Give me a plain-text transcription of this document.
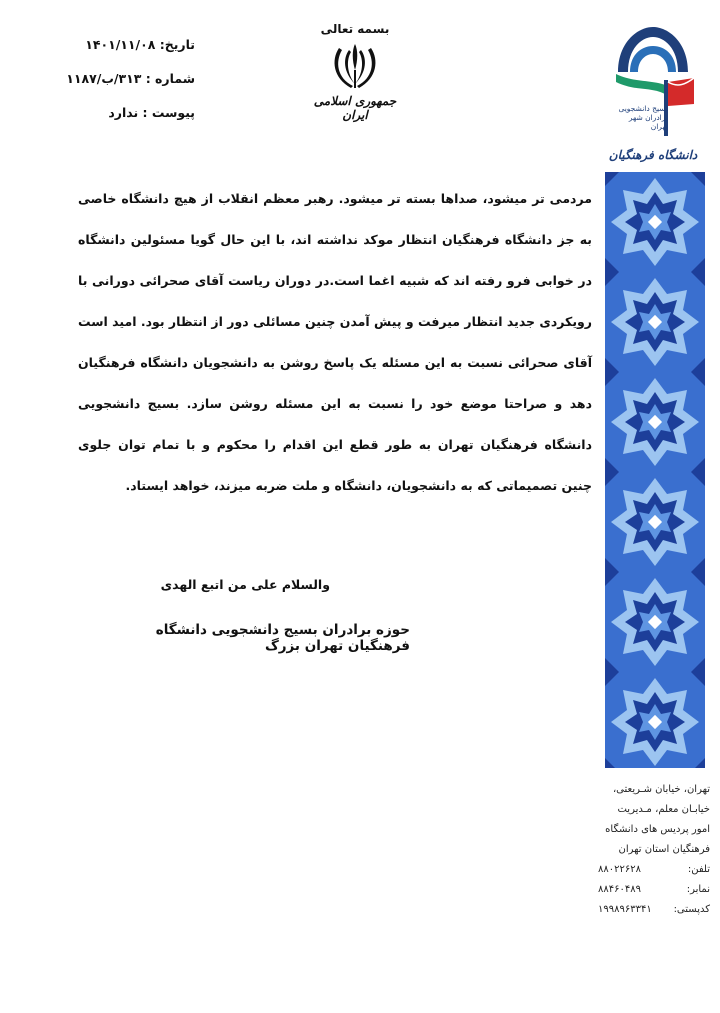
تاریخ: ۱۴۰۱/۱۱/۰۸
شماره : ۳۱۳/ب/۱۱۸۷
پیوست : ندارد
بسمه تعالی
جمهوری اسلامی ایران	بسیج دانشجویی برادران شهر تهران
دانشگاه فرهنگیان
مردمی تر میشود، صداها بسته تر میشود. رهبر معظم انقلاب از هیچ دانشگاه خاصی به جز دانشگاه فرهنگیان انتظار موکد نداشته اند، با این حال گویا مسئولین دانشگاه در خوابی فرو رفته اند که شبیه اغما است.در دوران ریاست آقای صحرائی دورانی با رویکردی جدید انتظار میرفت و پیش آمدن چنین مسائلی دور از انتظار بود. امید است آقای صحرائی نسبت به این مسئله یک پاسخ روشن به دانشجویان دانشگاه فرهنگیان دهد و صراحتا موضع خود را نسبت به این مسئله روشن سازد. بسیج دانشجویی دانشگاه فرهنگیان تهران به طور قطع این اقدام را محکوم و با تمام توان جلوی چنین تصمیماتی که به دانشجویان، دانشگاه و ملت ضربه میزند، خواهد ایستاد.
والسلام علی من اتبع الهدی
حوزه برادران بسیج دانشجویی دانشگاه فرهنگیان تهران بزرگ
تهران، خیابان شـریعتی،
خیابـان معلم، مـدیریت
امور پردیس های دانشگاه
فرهنگیان استان تهران
تلفن:
۸۸۰۲۲۶۲۸
نمابر:
۸۸۴۶۰۴۸۹
کدپستی:
۱۹۹۸۹۶۳۳۴۱
